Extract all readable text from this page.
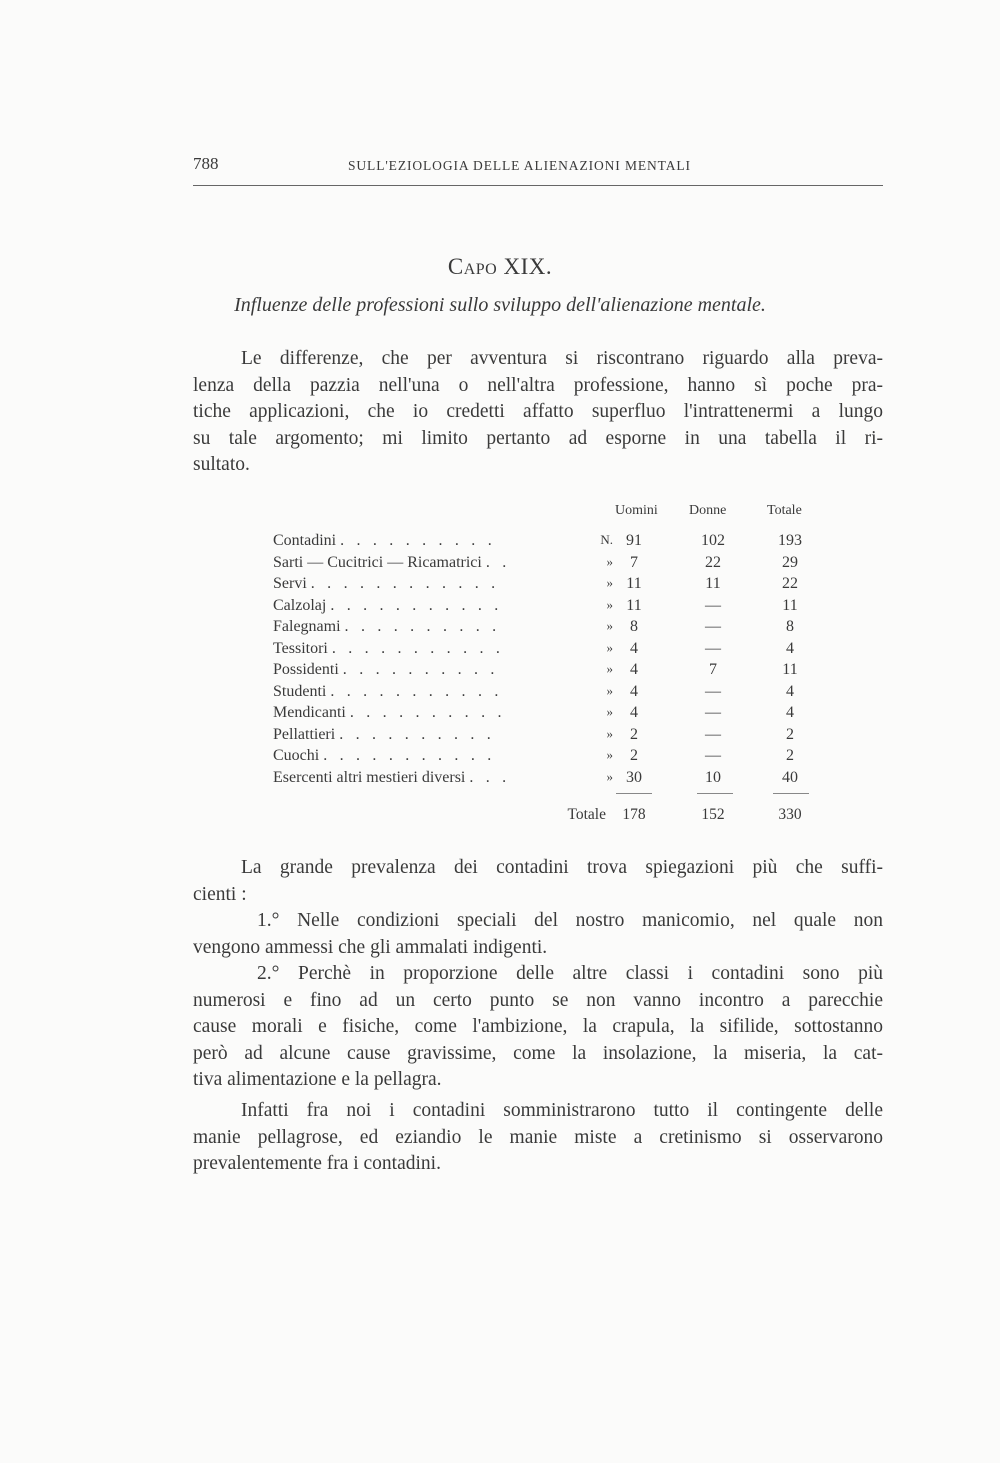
788	SULL'EZIOLOGIA DELLE ALIENAZIONI MENTALI
Capo XIX.
Influenze delle professioni sullo sviluppo dell'alienazione mentale.
Le differenze, che per avventura si riscontrano riguardo alla preva-
lenza della pazzia nell'una o nell'altra professione, hanno sì poche pra-
tiche applicazioni, che io credetti affatto superfluo l'intrattenermi a lungo
su tale argomento; mi limito pertanto ad esporne in una tabella il ri-
sultato.
Uomini Donne	Totale
Contadini . . . . . . . . . .	N. 91	102	193
Sarti — Cucitrici — Ricamatrici . .	»	7	22	29
Servi . . . . . . . . . . . .	» 11	11	22
Calzolaj . . . . . . . . . . .	» 11	—	11
Falegnami . . . . . . . . . .	»	8	—	8
Tessitori . . . . . . . . . . .	»	4	—	4
Possidenti . . . . . . . . . .	»	4	7	11
Studenti . . . . . . . . . . .	»	4	—	4
Mendicanti . . . . . . . . . .	»	4	—	4
Pellattieri . . . . . . . . . .	»	2	—	2
Cuochi . . . . . . . . . . .	»	2	—	2
Esercenti altri mestieri diversi . . .	» 30	10	40
Totale	178	152	330
La grande prevalenza dei contadini trova spiegazioni più che suffi-
cienti :
1.° Nelle condizioni speciali del nostro manicomio, nel quale non
vengono ammessi che gli ammalati indigenti.
2.° Perchè in proporzione delle altre classi i contadini sono più
numerosi e fino ad un certo punto se non vanno incontro a parecchie
cause morali e fisiche, come l'ambizione, la crapula, la sifilide, sottostanno
però ad alcune cause gravissime, come la insolazione, la miseria, la cat-
tiva alimentazione e la pellagra.
Infatti fra noi i contadini somministrarono tutto il contingente delle
manie pellagrose, ed eziandio le manie miste a cretinismo si osservarono
prevalentemente fra i contadini.
